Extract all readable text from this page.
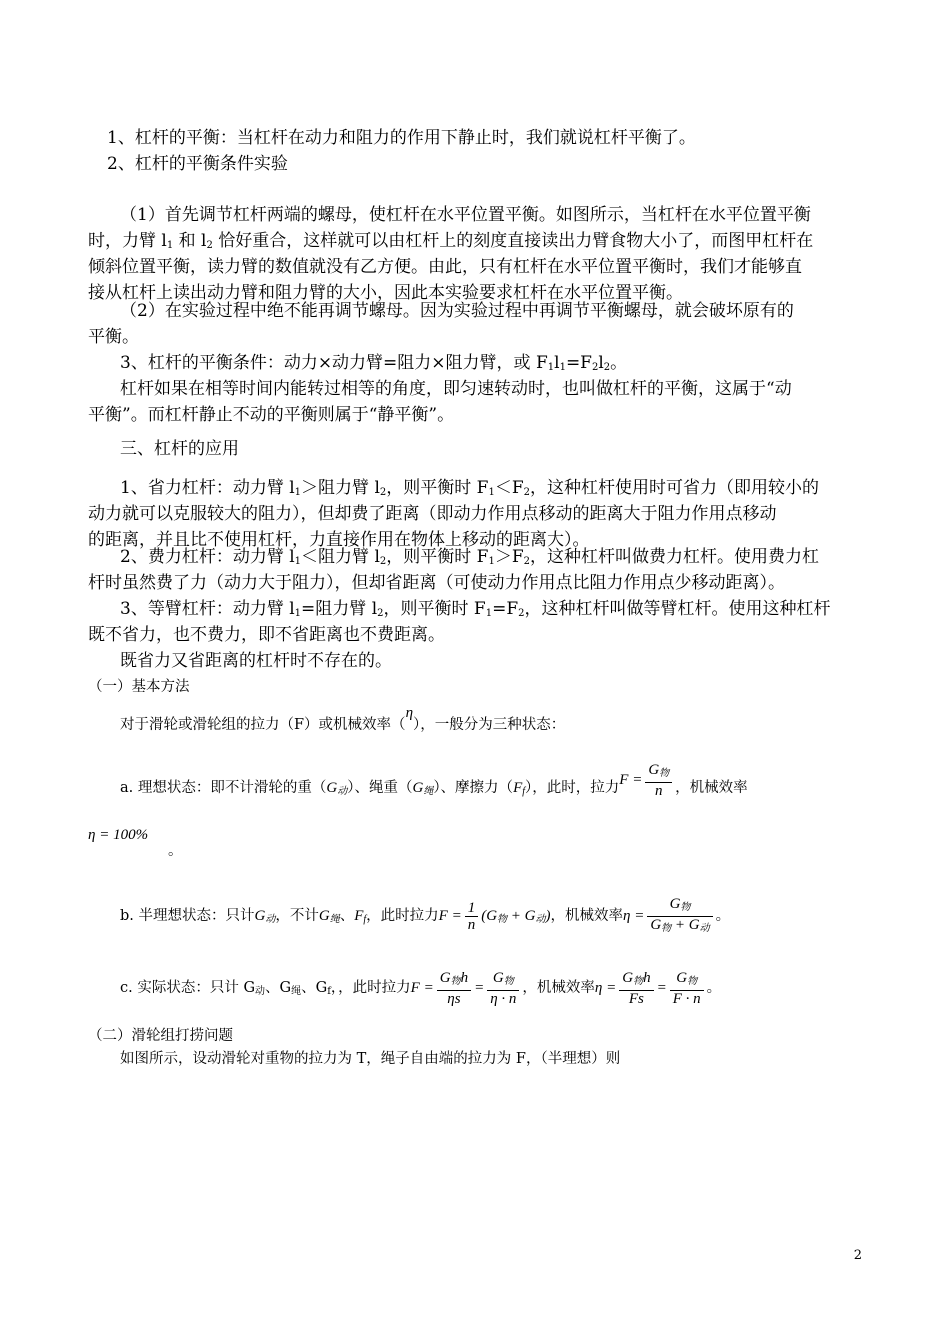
1、杠杆的平衡：当杠杆在动力和阻力的作用下静止时，我们就说杠杆平衡了。
2、杠杆的平衡条件实验
（1）首先调节杠杆两端的螺母，使杠杆在水平位置平衡。如图所示，当杠杆在水平位置平衡
时，力臂 $l_1$ 和 $l_2$ 恰好重合，这样就可以由杠杆上的刻度直接读出力臂食物大小了，而图甲杠杆在
倾斜位置平衡，读力臂的数值就没有乙方便。由此，只有杠杆在水平位置平衡时，我们才能够直
接从杠杆上读出动力臂和阻力臂的大小，因此本实验要求杠杆在水平位置平衡。
（2）在实验过程中绝不能再调节螺母。因为实验过程中再调节平衡螺母，就会破坏原有的
平衡。
3、杠杆的平衡条件：动力×动力臂=阻力×阻力臂，或 $F_1l_1=F_2l_2$。
杠杆如果在相等时间内能转过相等的角度，即匀速转动时，也叫做杠杆的平衡，这属于“动
平衡”。而杠杆静止不动的平衡则属于“静平衡”。
三、杠杆的应用
1、省力杠杆：动力臂 $l_1>$阻力臂 $l_2$，则平衡时 $F_1<F_2$，这种杠杆使用时可省力（即用较小的
动力就可以克服较大的阻力），但却费了距离（即动力作用点移动的距离大于阻力作用点移动
的距离，并且比不使用杠杆，力直接作用在物体上移动的距离大）。
2、费力杠杆：动力臂 $l_1<$阻力臂 $l_2$，则平衡时 $F_1>F_2$，这种杠杆叫做费力杠杆。使用费力杠
杆时虽然费了力（动力大于阻力），但却省距离（可使动力作用点比阻力作用点少移动距离）。
3、等臂杠杆：动力臂 $l_1=$阻力臂 $l_2$，则平衡时 $F_1=F_2$，这种杠杆叫做等臂杠杆。使用这种杠杆
既不省力，也不费力，即不省距离也不费距离。
既省力又省距离的杠杆时不存在的。
（一）基本方法
对于滑轮或滑轮组的拉力（F）或机械效率（η），一般分为三种状态：
a. 理想状态：即不计滑轮的重$(G_动)$、绳重$(G_绳)$、摩擦力$(F_f)$，此时，拉力$F = \frac{G_物}{n}$ ，机械效率
η = 100%
。
b. 半理想状态：只计$G_动$，不计$G_绳$、$F_f$，此时拉力$F = \frac{1}{n} (G_物 + G_动)$，机械效率$\eta = \frac{G_物}{G_物 + G_动}$ 。
c. 实际状态：只计 $G_动$、$G_绳$、$G_f$，，此时拉力$F = \frac{G_物h}{\eta s} = \frac{G_物}{\eta \cdot n}$ ，机械效率$\eta = \frac{G_物h}{Fs} = \frac{G_物}{F \cdot n}$ 。
（二）滑轮组打捞问题
如图所示，设动滑轮对重物的拉力为 T，绳子自由端的拉力为 F，（半理想）则
2
